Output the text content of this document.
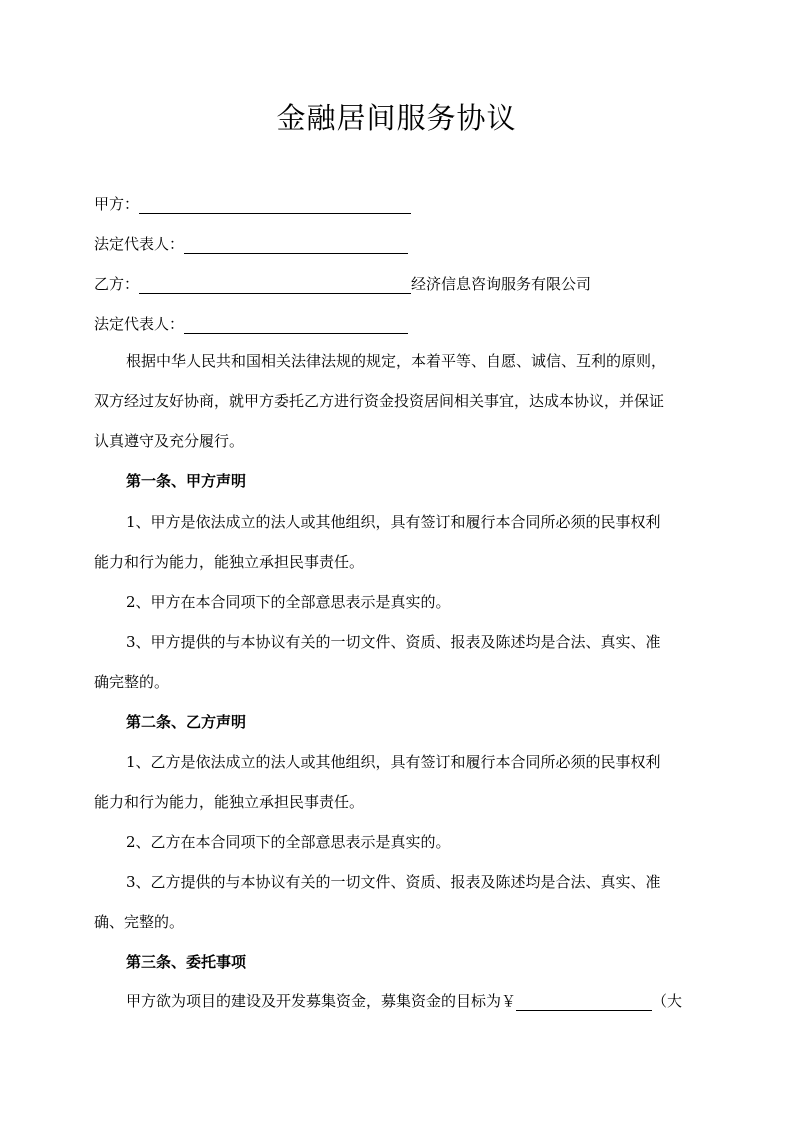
金融居间服务协议
甲方：
法定代表人：
乙方：	经济信息咨询服务有限公司
法定代表人：
根据中华人民共和国相关法律法规的规定，本着平等、自愿、诚信、互利的原则，
双方经过友好协商，就甲方委托乙方进行资金投资居间相关事宜，达成本协议，并保证
认真遵守及充分履行。
第一条、甲方声明
1、甲方是依法成立的法人或其他组织，具有签订和履行本合同所必须的民事权利
能力和行为能力，能独立承担民事责任。
2、甲方在本合同项下的全部意思表示是真实的。
3、甲方提供的与本协议有关的一切文件、资质、报表及陈述均是合法、真实、准
确完整的。
第二条、乙方声明
1、乙方是依法成立的法人或其他组织，具有签订和履行本合同所必须的民事权利
能力和行为能力，能独立承担民事责任。
2、乙方在本合同项下的全部意思表示是真实的。
3、乙方提供的与本协议有关的一切文件、资质、报表及陈述均是合法、真实、准
确、完整的。
第三条、委托事项
甲方欲为项目的建设及开发募集资金，募集资金的目标为￥	（大
